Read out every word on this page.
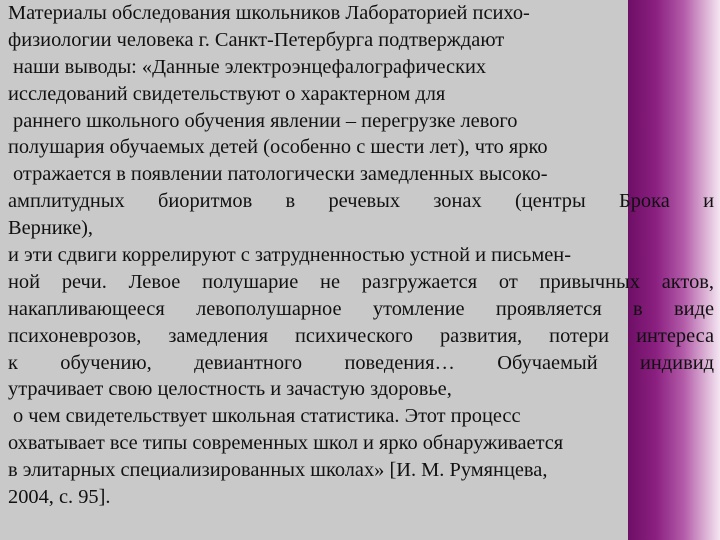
Материалы обследования школьников Лабораторией психо-
физиологии человека г. Санкт‑Петербурга подтверждают
наши выводы: «Данные электроэнцефалографических
исследований свидетельствуют о характерном для
раннего школьного обучения явлении – перегрузке левого
полушария обучаемых детей (особенно с шести лет), что ярко
отражается в появлении патологически замедленных высоко‑
амплитудных биоритмов в речевых зонах (центры Брока и
Вернике),
и эти сдвиги коррелируют с затрудненностью устной и письмен-
ной речи. Левое полушарие не разгружается от привычных актов,
накапливающееся левополушарное утомление проявляется в виде
психоневрозов, замедления психического развития, потери интереса
к обучению, девиантного поведения… Обучаемый индивид
утрачивает свою целостность и зачастую здоровье,
о чем свидетельствует школьная статистика. Этот процесс
охватывает все типы современных школ и ярко обнаруживается
в элитарных специализированных школах» [И. М. Румянцева,
2004, с. 95].
